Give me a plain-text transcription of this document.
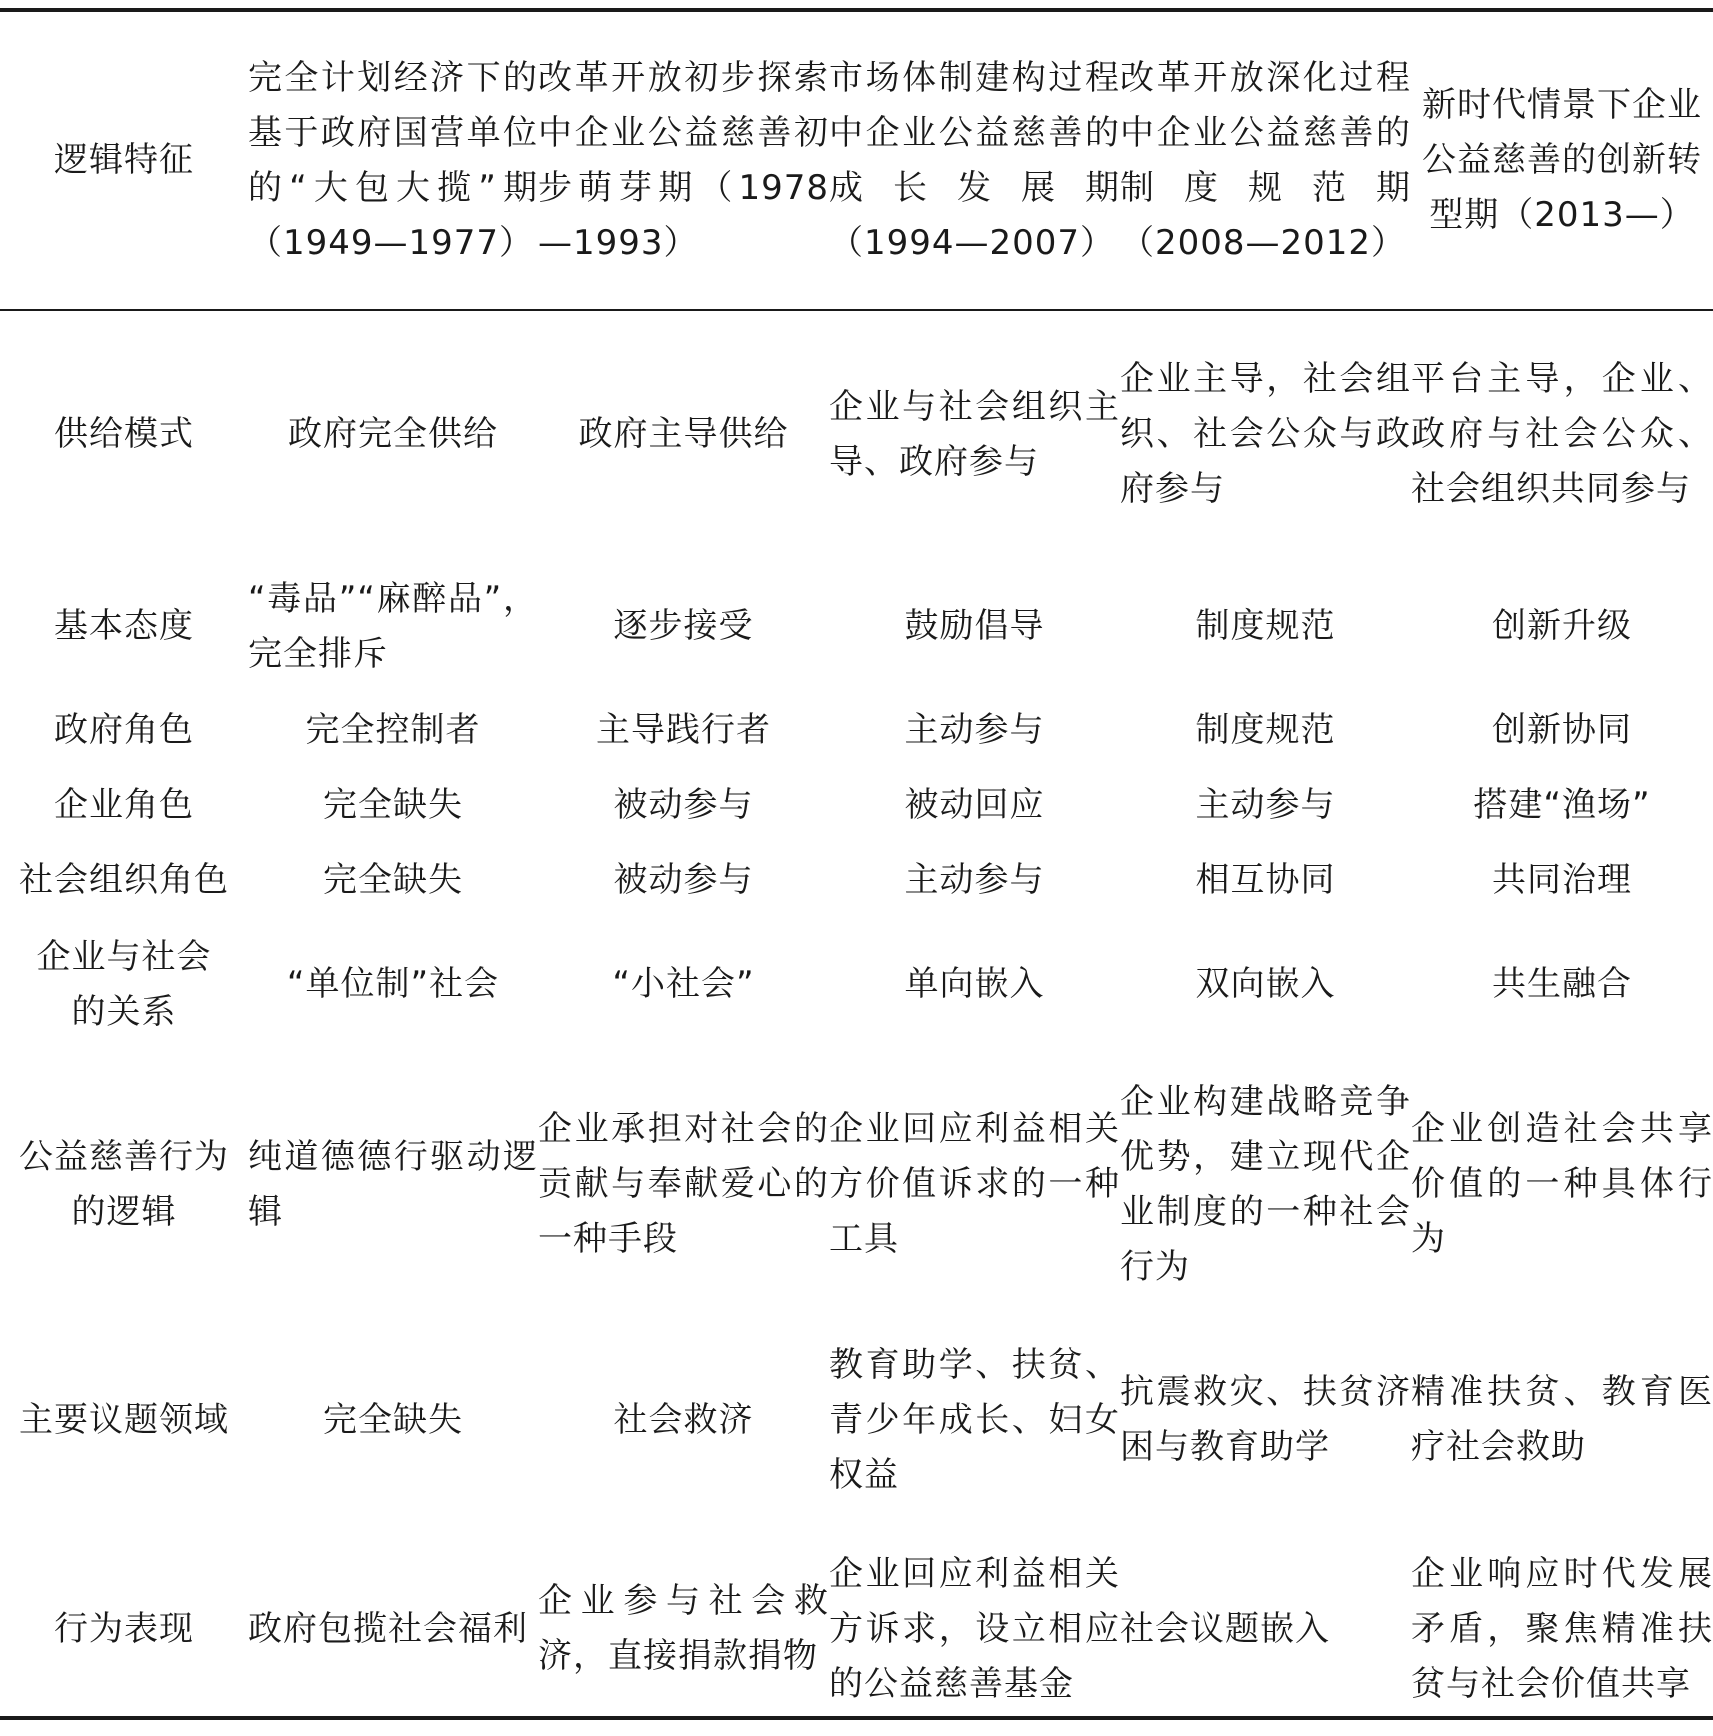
逻辑特征	完全计划经济下的基于政府国营单位的“大包大揽”期（1949—1977）	改革开放初步探索中企业公益慈善初步萌芽期（1978—1993）	市场体制建构过程中企业公益慈善的成长发展期（1994—2007）	改革开放深化过程中企业公益慈善的制度规范期（2008—2012）	新时代情景下企业公益慈善的创新转型期（2013—）
供给模式	政府完全供给	政府主导供给	企业与社会组织主导、政府参与	企业主导，社会组织、社会公众与政府参与	平台主导，企业、政府与社会公众、社会组织共同参与
基本态度	“毒品”“麻醉品”，完全排斥	逐步接受	鼓励倡导	制度规范	创新升级
政府角色	完全控制者	主导践行者	主动参与	制度规范	创新协同
企业角色	完全缺失	被动参与	被动回应	主动参与	搭建“渔场”
社会组织角色	完全缺失	被动参与	主动参与	相互协同	共同治理
企业与社会的关系	“单位制”社会	“小社会”	单向嵌入	双向嵌入	共生融合
公益慈善行为的逻辑	纯道德德行驱动逻辑	企业承担对社会的贡献与奉献爱心的一种手段	企业回应利益相关方价值诉求的一种工具	企业构建战略竞争优势，建立现代企业制度的一种社会行为	企业创造社会共享价值的一种具体行为
主要议题领域	完全缺失	社会救济	教育助学、扶贫、青少年成长、妇女权益	抗震救灾、扶贫济困与教育助学	精准扶贫、教育医疗社会救助
行为表现	政府包揽社会福利	企业参与社会救济，直接捐款捐物	企业回应利益相关方诉求，设立相应的公益慈善基金	社会议题嵌入	企业响应时代发展矛盾，聚焦精准扶贫与社会价值共享
